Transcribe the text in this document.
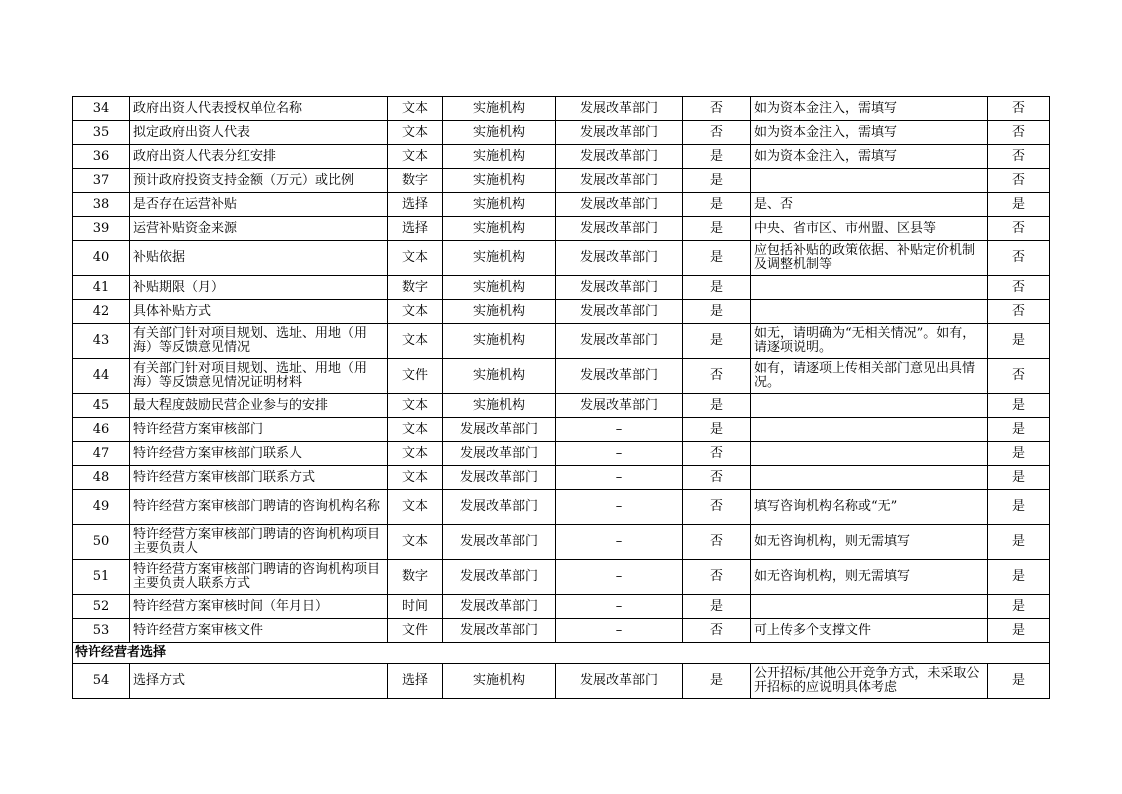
34	政府出资人代表授权单位名称	文本	实施机构	发展改革部门	否	如为资本金注入，需填写	否
35	拟定政府出资人代表	文本	实施机构	发展改革部门	否	如为资本金注入，需填写	否
36	政府出资人代表分红安排	文本	实施机构	发展改革部门	是	如为资本金注入，需填写	否
37	预计政府投资支持金额（万元）或比例	数字	实施机构	发展改革部门	是		否
38	是否存在运营补贴	选择	实施机构	发展改革部门	是	是、否	是
39	运营补贴资金来源	选择	实施机构	发展改革部门	是	中央、省市区、市州盟、区县等	否
40	补贴依据	文本	实施机构	发展改革部门	是	应包括补贴的政策依据、补贴定价机制及调整机制等	否
41	补贴期限（月）	数字	实施机构	发展改革部门	是		否
42	具体补贴方式	文本	实施机构	发展改革部门	是		否
43	有关部门针对项目规划、选址、用地（用海）等反馈意见情况	文本	实施机构	发展改革部门	是	如无，请明确为“无相关情况”。如有，请逐项说明。	是
44	有关部门针对项目规划、选址、用地（用海）等反馈意见情况证明材料	文件	实施机构	发展改革部门	否	如有，请逐项上传相关部门意见出具情况。	否
45	最大程度鼓励民营企业参与的安排	文本	实施机构	发展改革部门	是		是
46	特许经营方案审核部门	文本	发展改革部门	–	是		是
47	特许经营方案审核部门联系人	文本	发展改革部门	–	否		是
48	特许经营方案审核部门联系方式	文本	发展改革部门	–	否		是
49	特许经营方案审核部门聘请的咨询机构名称	文本	发展改革部门	–	否	填写咨询机构名称或“无”	是
50	特许经营方案审核部门聘请的咨询机构项目主要负责人	文本	发展改革部门	–	否	如无咨询机构，则无需填写	是
51	特许经营方案审核部门聘请的咨询机构项目主要负责人联系方式	数字	发展改革部门	–	否	如无咨询机构，则无需填写	是
52	特许经营方案审核时间（年月日）	时间	发展改革部门	–	是		是
53	特许经营方案审核文件	文件	发展改革部门	–	否	可上传多个支撑文件	是
特许经营者选择							
54	选择方式	选择	实施机构	发展改革部门	是	公开招标/其他公开竞争方式，未采取公开招标的应说明具体考虑	是
